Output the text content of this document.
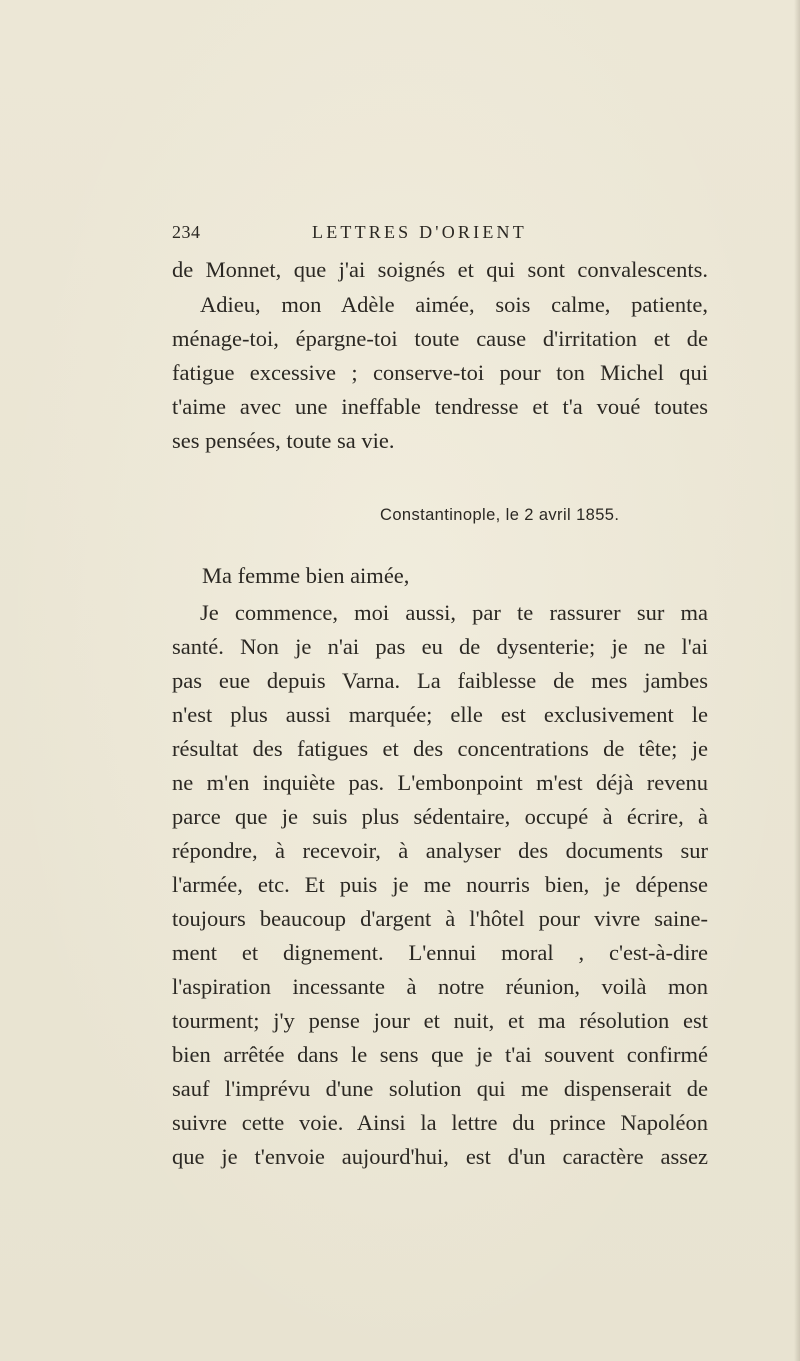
234	LETTRES D'ORIENT
de Monnet, que j'ai soignés et qui sont convalescents.
Adieu, mon Adèle aimée, sois calme, patiente,
ménage-toi, épargne-toi toute cause d'irritation et de
fatigue excessive ; conserve-toi pour ton Michel qui
t'aime avec une ineffable tendresse et t'a voué toutes
ses pensées, toute sa vie.
Constantinople, le 2 avril 1855.
Ma femme bien aimée,
Je commence, moi aussi, par te rassurer sur ma
santé. Non je n'ai pas eu de dysenterie; je ne l'ai
pas eue depuis Varna. La faiblesse de mes jambes
n'est plus aussi marquée; elle est exclusivement le
résultat des fatigues et des concentrations de tête; je
ne m'en inquiète pas. L'embonpoint m'est déjà revenu
parce que je suis plus sédentaire, occupé à écrire, à
répondre, à recevoir, à analyser des documents sur
l'armée, etc. Et puis je me nourris bien, je dépense
toujours beaucoup d'argent à l'hôtel pour vivre saine-
ment et dignement. L'ennui moral , c'est-à-dire
l'aspiration incessante à notre réunion, voilà mon
tourment; j'y pense jour et nuit, et ma résolution est
bien arrêtée dans le sens que je t'ai souvent confirmé
sauf l'imprévu d'une solution qui me dispenserait de
suivre cette voie. Ainsi la lettre du prince Napoléon
que je t'envoie aujourd'hui, est d'un caractère assez
